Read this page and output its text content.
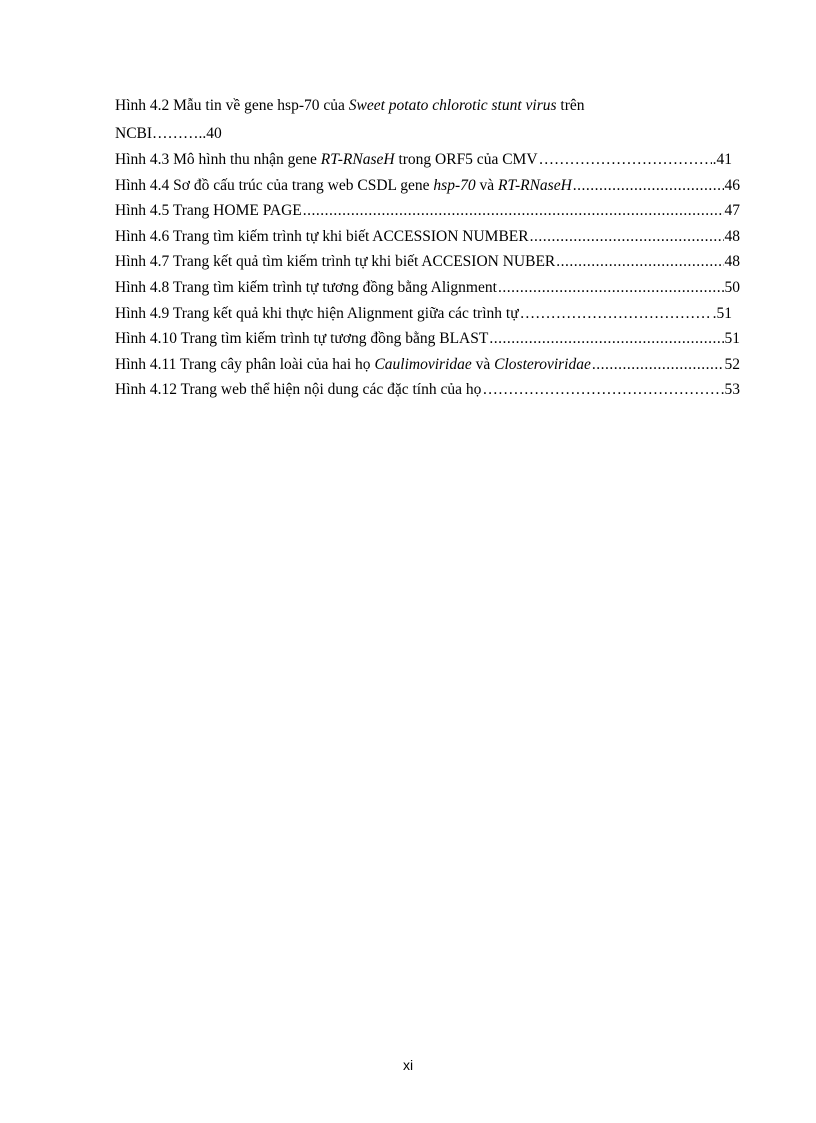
Hình 4.2 Mẫu tin về gene hsp-70 của Sweet potato chlorotic stunt virus trên
NCBI………..40
Hình 4.3 Mô hình thu nhận gene RT-RNaseH trong ORF5 của CMV ……………………………………………………………………………………………………………………………………………………	.41
Hình 4.4 Sơ đồ cấu trúc của trang web CSDL gene hsp-70 và RT-RNaseH .....	46
Hình 4.5 Trang HOME PAGE .....	47
Hình 4.6 Trang tìm kiếm trình tự khi biết ACCESSION NUMBER .....	48
Hình 4.7 Trang kết quả tìm kiếm trình tự khi biết ACCESION NUBER .....	48
Hình 4.8 Trang tìm kiếm trình tự tương đồng bằng Alignment .....	50
Hình 4.9 Trang kết quả khi thực hiện Alignment giữa các trình tự ……………………………………………………………………………………………………………………………………………………	.51
Hình 4.10 Trang tìm kiếm trình tự tương đồng bằng BLAST .....	51
Hình 4.11 Trang cây phân loài của hai họ Caulimoviridae và Closteroviridae .....	52
Hình 4.12 Trang web thể hiện nội dung các đặc tính của họ ……………………………………………………………………………………………………………………………………………………	53
xi
